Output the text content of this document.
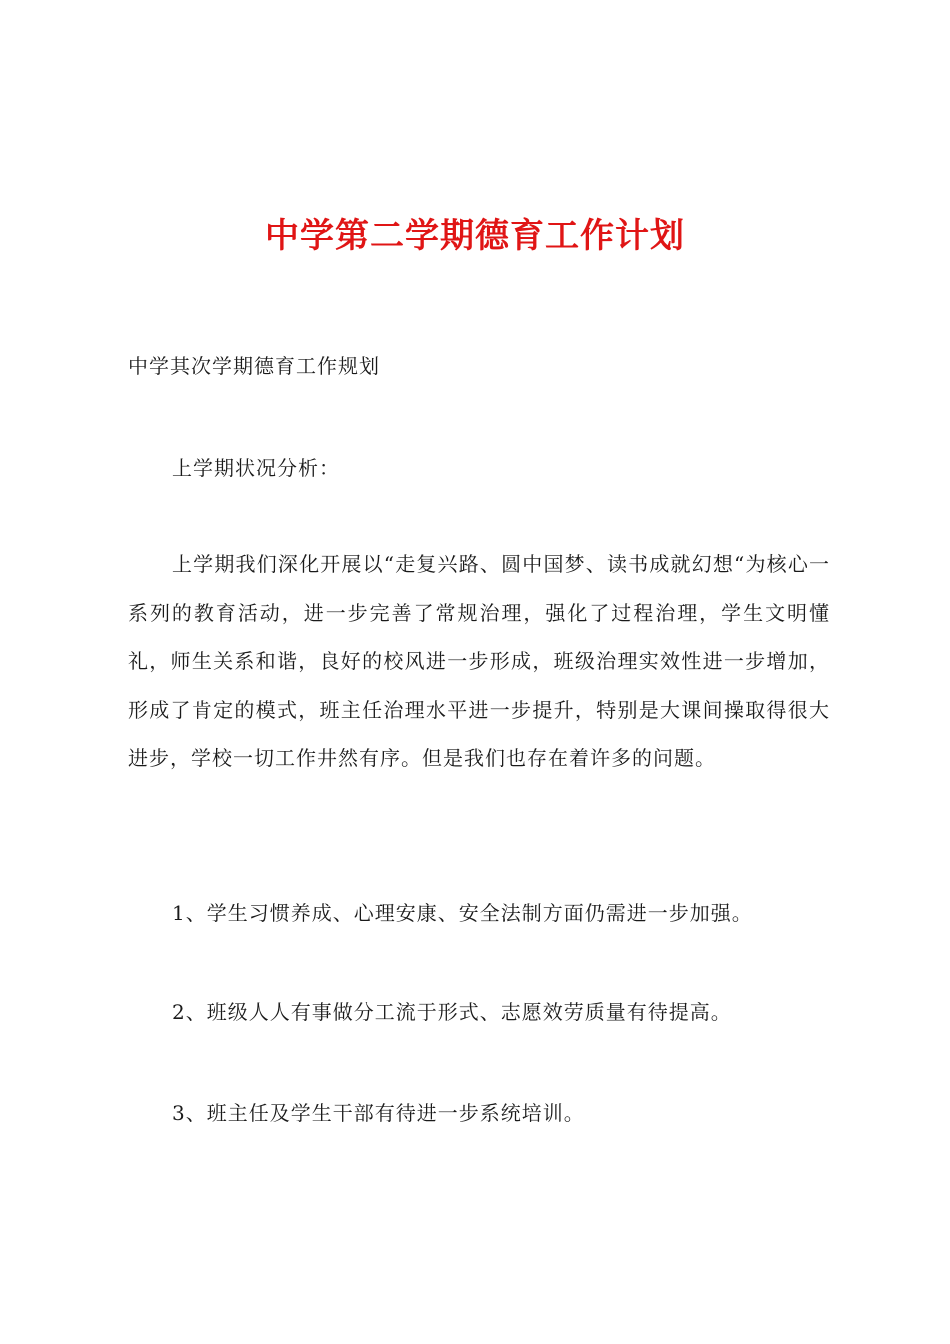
中学第二学期德育工作计划
中学其次学期德育工作规划
上学期状况分析：
上学期我们深化开展以“走复兴路、圆中国梦、读书成就幻想“为核心一系列的教育活动，进一步完善了常规治理，强化了过程治理，学生文明懂礼，师生关系和谐，良好的校风进一步形成，班级治理实效性进一步增加，形成了肯定的模式，班主任治理水平进一步提升，特别是大课间操取得很大进步，学校一切工作井然有序。但是我们也存在着许多的问题。
1、学生习惯养成、心理安康、安全法制方面仍需进一步加强。
2、班级人人有事做分工流于形式、志愿效劳质量有待提高。
3、班主任及学生干部有待进一步系统培训。
